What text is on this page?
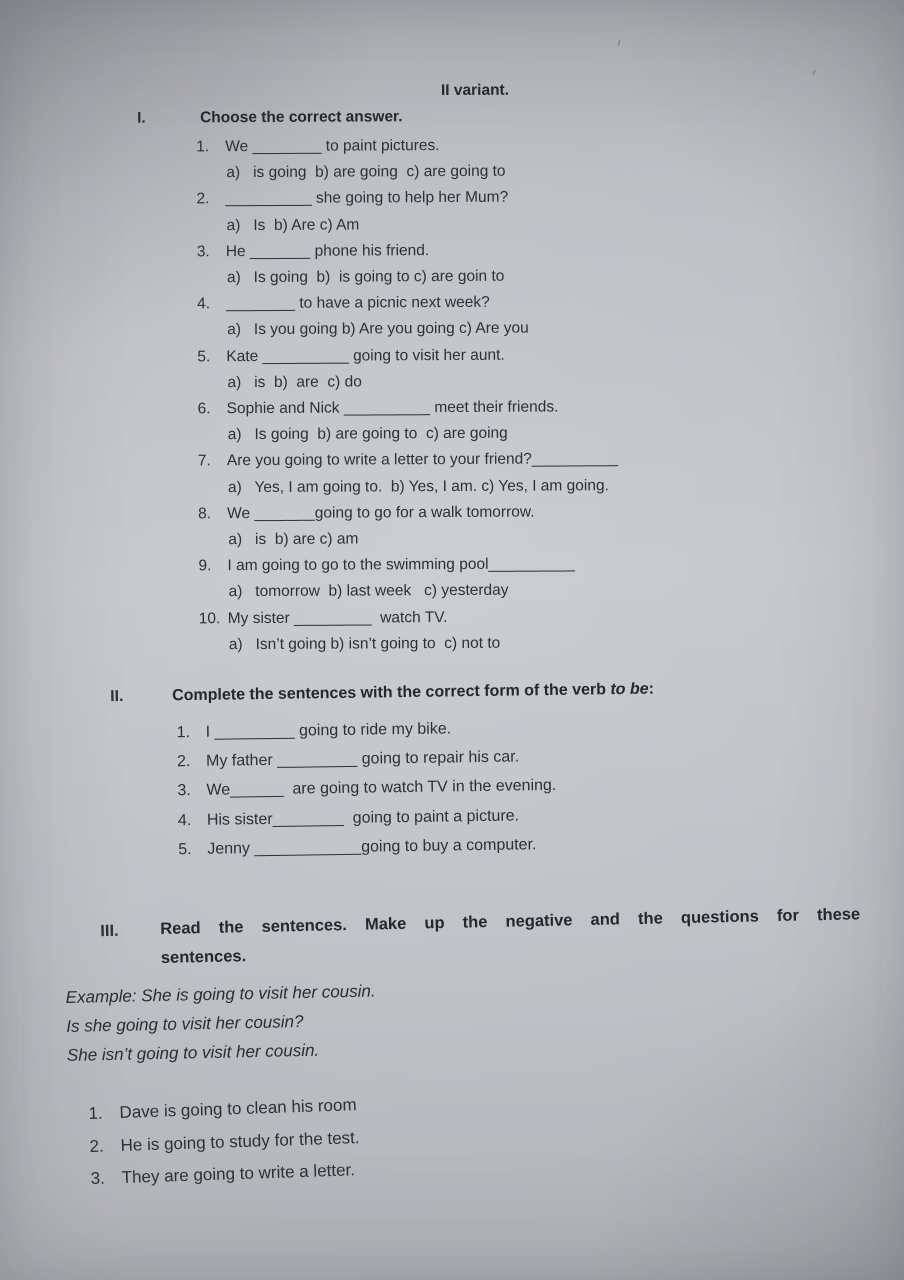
II variant.
I.	Choose the correct answer.
1.	We ________ to paint pictures.
a)   is going  b) are going  c) are going to
2.	__________ she going to help her Mum?
a)   Is  b) Are c) Am
3.	He _______ phone his friend.
a)   Is going  b)  is going to c) are goin to
4.	________ to have a picnic next week?
a)   Is you going b) Are you going c) Are you
5.	Kate __________ going to visit her aunt.
a)   is  b)  are  c) do
6.	Sophie and Nick __________ meet their friends.
a)   Is going  b) are going to  c) are going
7.	Are you going to write a letter to your friend?__________
a)   Yes, I am going to.  b) Yes, I am. c) Yes, I am going.
8.	We _______going to go for a walk tomorrow.
a)   is  b) are c) am
9.	I am going to go to the swimming pool__________
a)   tomorrow  b) last week   c) yesterday
10. My sister _________  watch TV.
a)   Isn’t going b) isn’t going to  c) not to
II.	Complete the sentences with the correct form of the verb to be:
1. I _________ going to ride my bike.
2. My father _________ going to repair his car.
3. We______  are going to watch TV in the evening.
4. His sister________  going to paint a picture.
5. Jenny ____________going to buy a computer.
III.	Read the sentences. Make up the negative and the questions for these
sentences.
Example: She is going to visit her cousin.
Is she going to visit her cousin?
She isn’t going to visit her cousin.
1. Dave is going to clean his room
2. He is going to study for the test.
3. They are going to write a letter.
